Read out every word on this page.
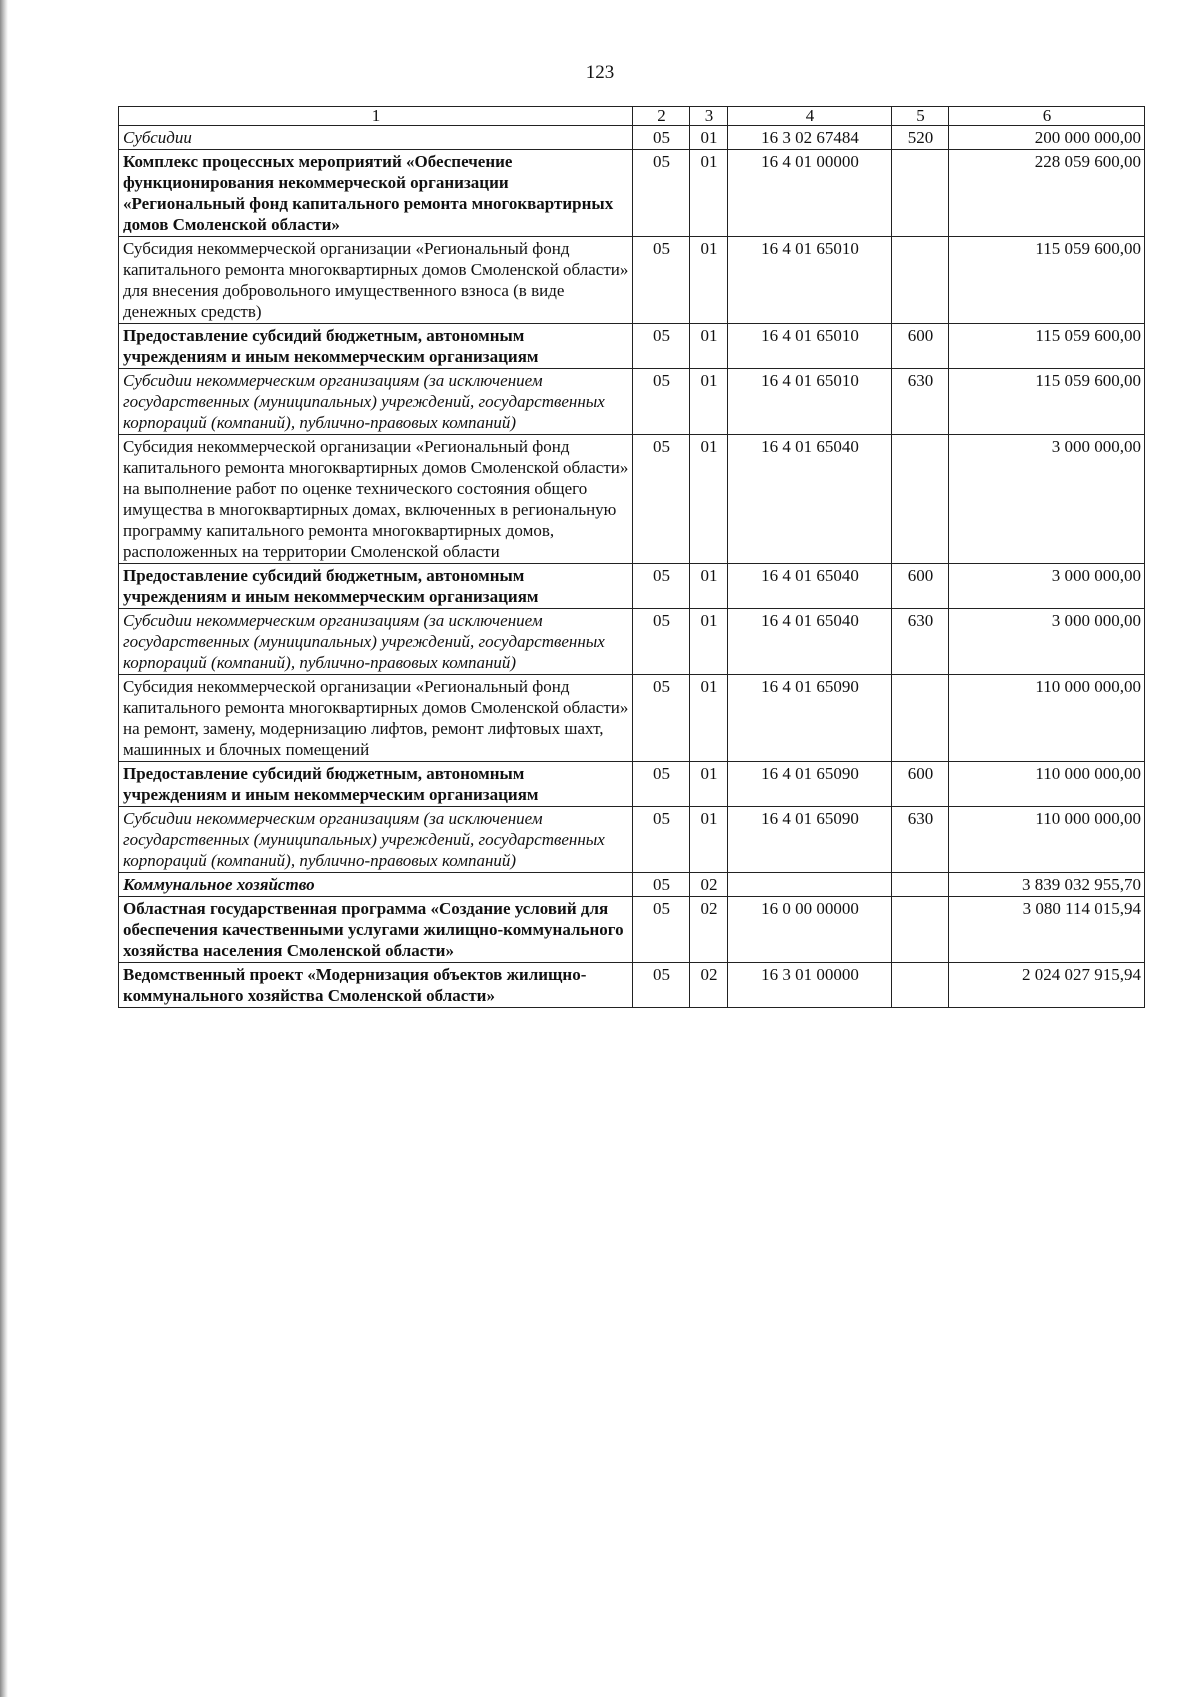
123
1	2	3	4	5	6
Субсидии	05	01	16 3 02 67484	520	200 000 000,00
Комплекс процессных мероприятий «Обеспечение функционирования некоммерческой организации «Региональный фонд капитального ремонта многоквартирных домов Смоленской области»	05	01	16 4 01 00000		228 059 600,00
Субсидия некоммерческой организации «Региональный фонд капитального ремонта многоквартирных домов Смоленской области» для внесения добровольного имущественного взноса (в виде денежных средств)	05	01	16 4 01 65010		115 059 600,00
Предоставление субсидий бюджетным, автономным учреждениям и иным некоммерческим организациям	05	01	16 4 01 65010	600	115 059 600,00
Субсидии некоммерческим организациям (за исключением государственных (муниципальных) учреждений, государственных корпораций (компаний), публично-правовых компаний)	05	01	16 4 01 65010	630	115 059 600,00
Субсидия некоммерческой организации «Региональный фонд капитального ремонта многоквартирных домов Смоленской области» на выполнение работ по оценке технического состояния общего имущества в многоквартирных домах, включенных в региональную программу капитального ремонта многоквартирных домов, расположенных на территории Смоленской области	05	01	16 4 01 65040		3 000 000,00
Предоставление субсидий бюджетным, автономным учреждениям и иным некоммерческим организациям	05	01	16 4 01 65040	600	3 000 000,00
Субсидии некоммерческим организациям (за исключением государственных (муниципальных) учреждений, государственных корпораций (компаний), публично-правовых компаний)	05	01	16 4 01 65040	630	3 000 000,00
Субсидия некоммерческой организации «Региональный фонд капитального ремонта многоквартирных домов Смоленской области» на ремонт, замену, модернизацию лифтов, ремонт лифтовых шахт, машинных и блочных помещений	05	01	16 4 01 65090		110 000 000,00
Предоставление субсидий бюджетным, автономным учреждениям и иным некоммерческим организациям	05	01	16 4 01 65090	600	110 000 000,00
Субсидии некоммерческим организациям (за исключением государственных (муниципальных) учреждений, государственных корпораций (компаний), публично-правовых компаний)	05	01	16 4 01 65090	630	110 000 000,00
Коммунальное хозяйство	05	02			3 839 032 955,70
Областная государственная программа «Создание условий для обеспечения качественными услугами жилищно-коммунального хозяйства населения Смоленской области»	05	02	16 0 00 00000		3 080 114 015,94
Ведомственный проект «Модернизация объектов жилищно-коммунального хозяйства Смоленской области»	05	02	16 3 01 00000		2 024 027 915,94
